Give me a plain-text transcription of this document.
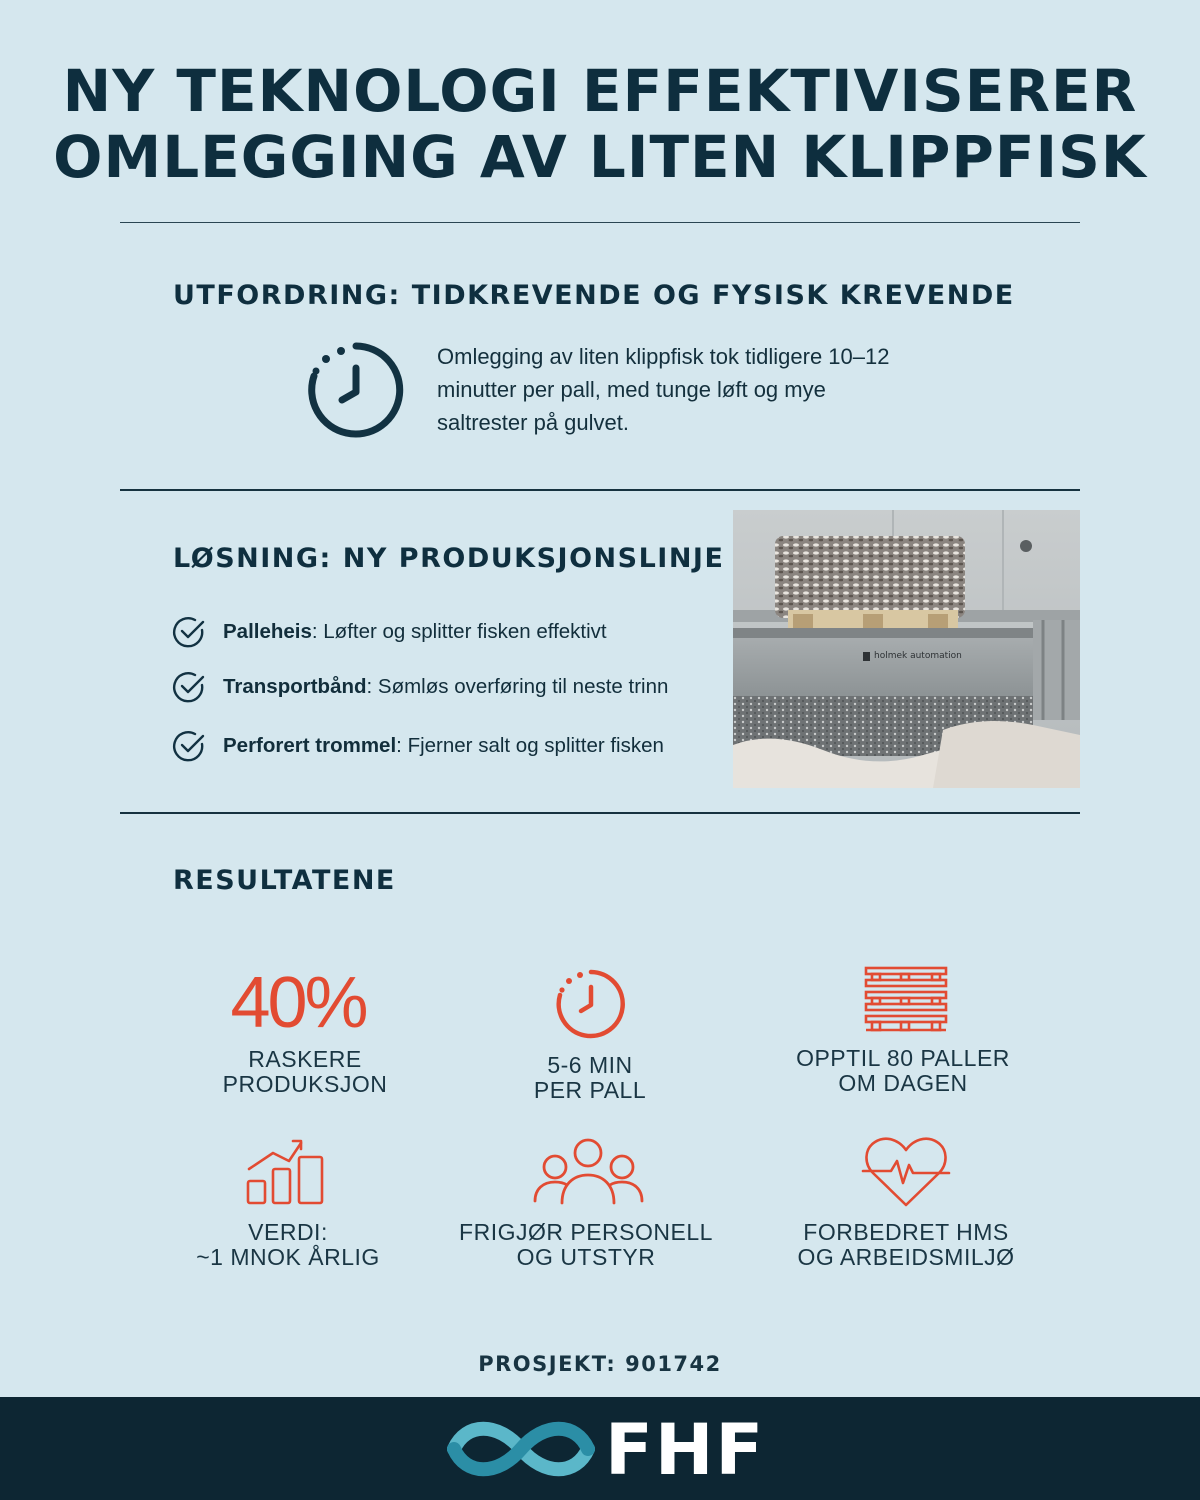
NY TEKNOLOGI EFFEKTIVISERER
OMLEGGING AV LITEN KLIPPFISK
UTFORDRING: TIDKREVENDE OG FYSISK KREVENDE
Omlegging av liten klippfisk tok tidligere 10–12 minutter per pall, med tunge løft og mye saltrester på gulvet.
LØSNING: NY PRODUKSJONSLINJE
Palleheis: Løfter og splitter fisken effektivt
Transportbånd: Sømløs overføring til neste trinn
Perforert trommel: Fjerner salt og splitter fisken
holmek automation
RESULTATENE
40%
RASKERE
PRODUKSJON
5-6 MIN
PER PALL
OPPTIL 80 PALLER
OM DAGEN
VERDI:
~1 MNOK ÅRLIG
FRIGJØR PERSONELL
OG UTSTYR
FORBEDRET HMS
OG ARBEIDSMILJØ
PROSJEKT: 901742
FHF
